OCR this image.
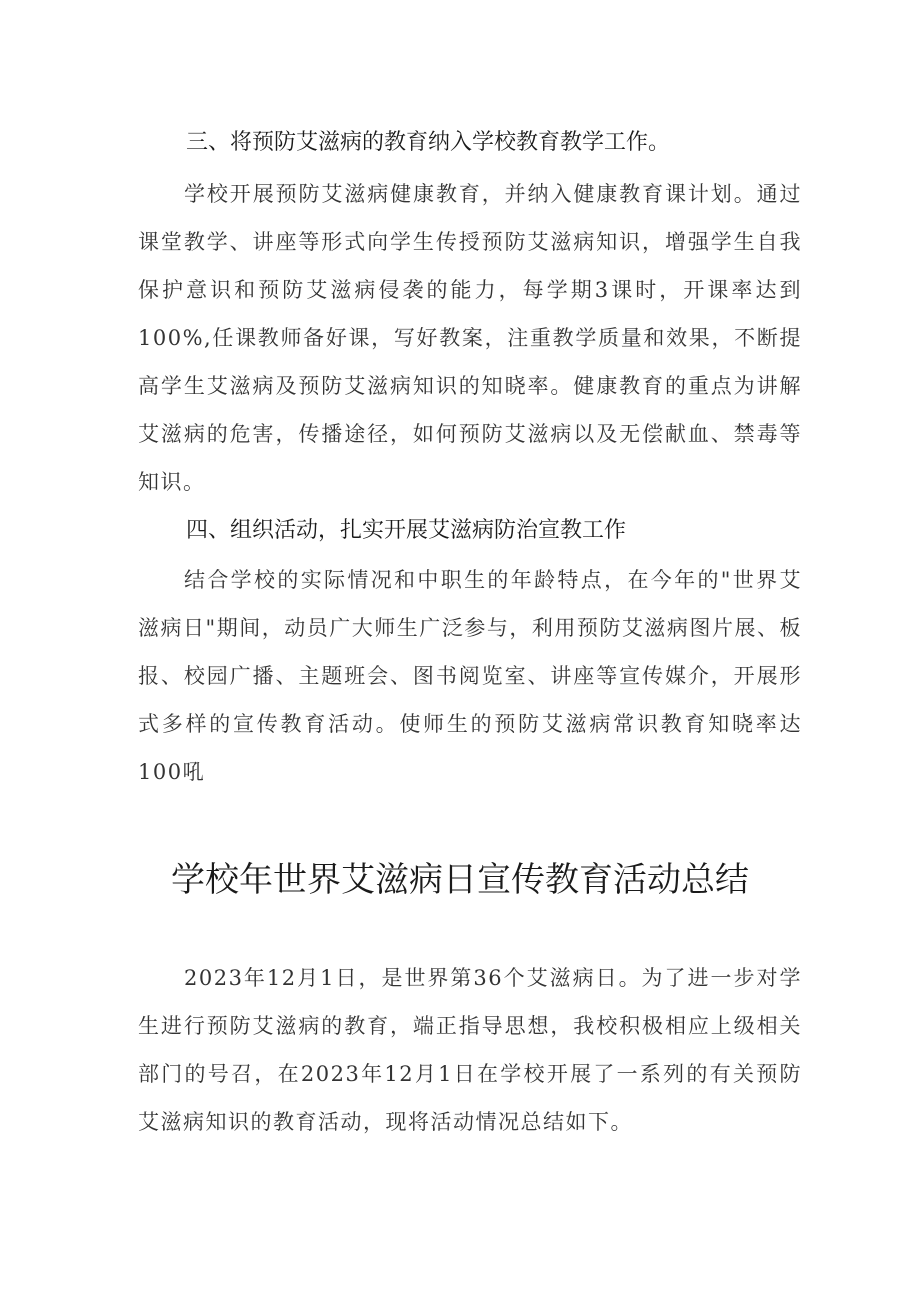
三、将预防艾滋病的教育纳入学校教育教学工作。
学校开展预防艾滋病健康教育，并纳入健康教育课计划。通过课堂教学、讲座等形式向学生传授预防艾滋病知识，增强学生自我保护意识和预防艾滋病侵袭的能力，每学期3课时，开课率达到100%,任课教师备好课，写好教案，注重教学质量和效果，不断提高学生艾滋病及预防艾滋病知识的知晓率。健康教育的重点为讲解艾滋病的危害，传播途径，如何预防艾滋病以及无偿献血、禁毒等知识。
四、组织活动，扎实开展艾滋病防治宣教工作
结合学校的实际情况和中职生的年龄特点，在今年的"世界艾滋病日"期间，动员广大师生广泛参与，利用预防艾滋病图片展、板报、校园广播、主题班会、图书阅览室、讲座等宣传媒介，开展形式多样的宣传教育活动。使师生的预防艾滋病常识教育知晓率达100吼
学校年世界艾滋病日宣传教育活动总结
2023年12月1日，是世界第36个艾滋病日。为了进一步对学生进行预防艾滋病的教育，端正指导思想，我校积极相应上级相关部门的号召，在2023年12月1日在学校开展了一系列的有关预防艾滋病知识的教育活动，现将活动情况总结如下。
